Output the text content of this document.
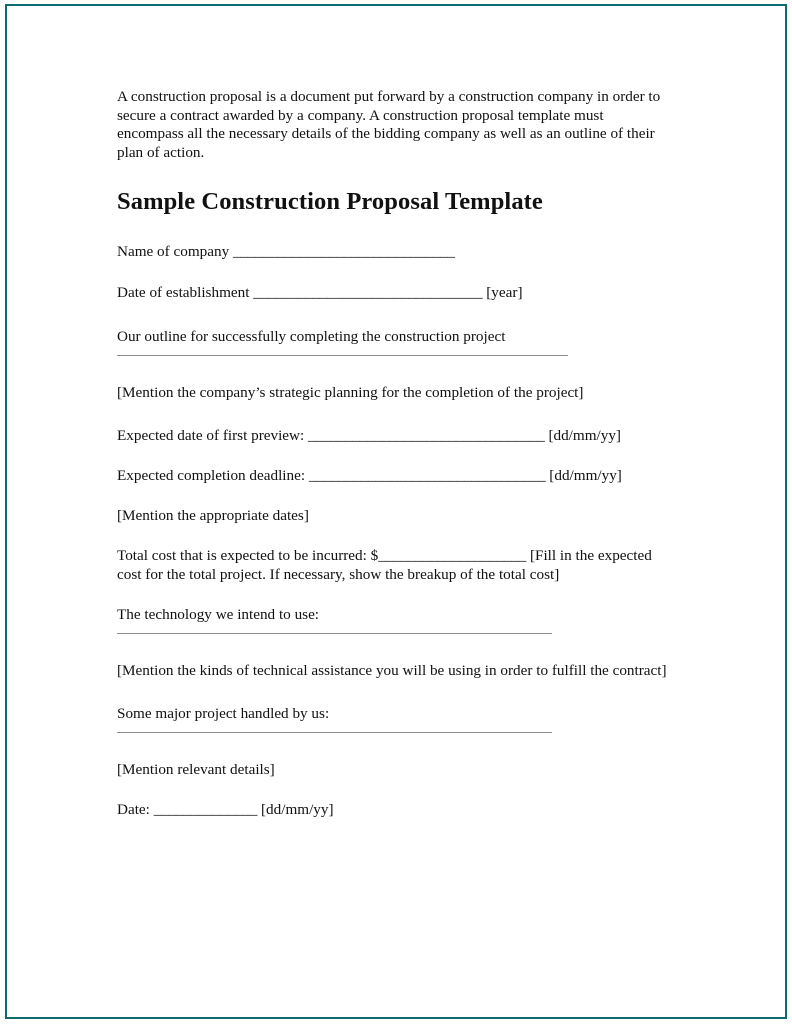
A construction proposal is a document put forward by a construction company in order to secure a contract awarded by a company. A construction proposal template must encompass all the necessary details of the bidding company as well as an outline of their plan of action.

Sample Construction Proposal Template

Name of company ______________________________

Date of establishment _______________________________ [year]

Our outline for successfully completing the construction project

[Mention the company’s strategic planning for the completion of the project]

Expected date of first preview: ________________________________ [dd/mm/yy]

Expected completion deadline: ________________________________ [dd/mm/yy]

[Mention the appropriate dates]

Total cost that is expected to be incurred: $____________________ [Fill in the expected cost for the total project. If necessary, show the breakup of the total cost]

The technology we intend to use:

[Mention the kinds of technical assistance you will be using in order to fulfill the contract]

Some major project handled by us:

[Mention relevant details]

Date: ______________ [dd/mm/yy]
